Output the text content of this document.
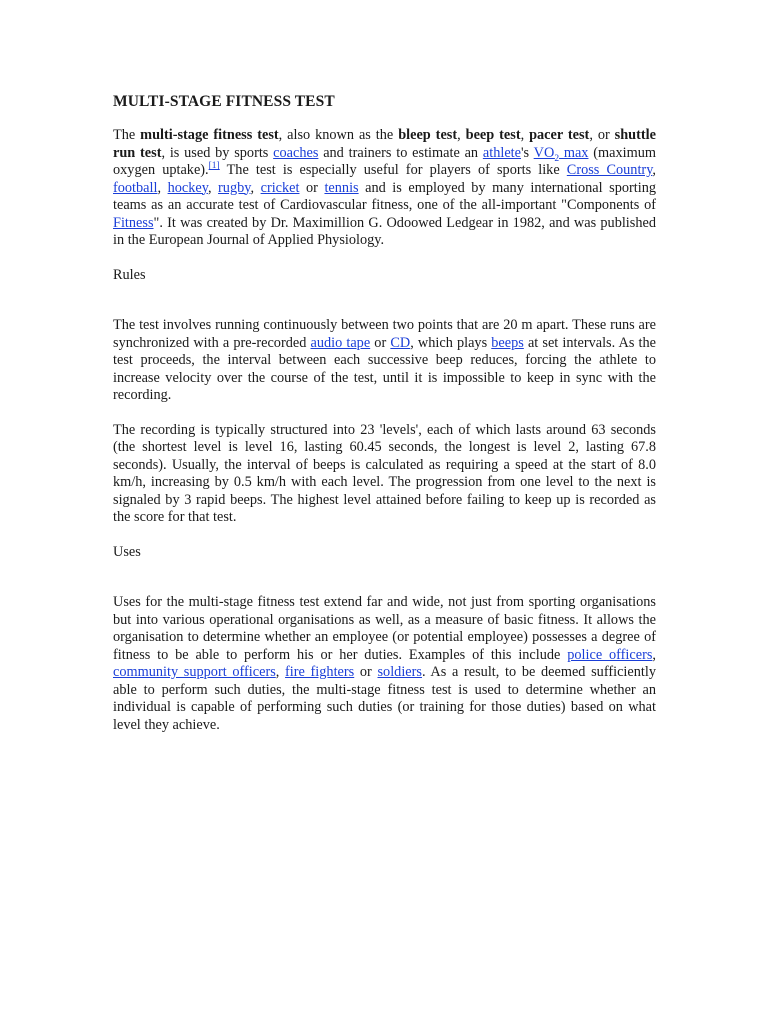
MULTI-STAGE FITNESS TEST

The multi-stage fitness test, also known as the bleep test, beep test, pacer test, or shuttle run test, is used by sports coaches and trainers to estimate an athlete's $VO_2$ max (maximum oxygen uptake).[1] The test is especially useful for players of sports like Cross Country, football, hockey, rugby, cricket or tennis and is employed by many international sporting teams as an accurate test of Cardiovascular fitness, one of the all-important "Components of Fitness". It was created by Dr. Maximillion G. Odoowed Ledgear in 1982, and was published in the European Journal of Applied Physiology.

Rules

The test involves running continuously between two points that are 20 m apart. These runs are synchronized with a pre-recorded audio tape or CD, which plays beeps at set intervals. As the test proceeds, the interval between each successive beep reduces, forcing the athlete to increase velocity over the course of the test, until it is impossible to keep in sync with the recording.

The recording is typically structured into 23 'levels', each of which lasts around 63 seconds (the shortest level is level 16, lasting 60.45 seconds, the longest is level 2, lasting 67.8 seconds). Usually, the interval of beeps is calculated as requiring a speed at the start of 8.0 km/h, increasing by 0.5 km/h with each level. The progression from one level to the next is signaled by 3 rapid beeps. The highest level attained before failing to keep up is recorded as the score for that test.

Uses

Uses for the multi-stage fitness test extend far and wide, not just from sporting organisations but into various operational organisations as well, as a measure of basic fitness. It allows the organisation to determine whether an employee (or potential employee) possesses a degree of fitness to be able to perform his or her duties. Examples of this include police officers, community support officers, fire fighters or soldiers. As a result, to be deemed sufficiently able to perform such duties, the multi-stage fitness test is used to determine whether an individual is capable of performing such duties (or training for those duties) based on what level they achieve.
